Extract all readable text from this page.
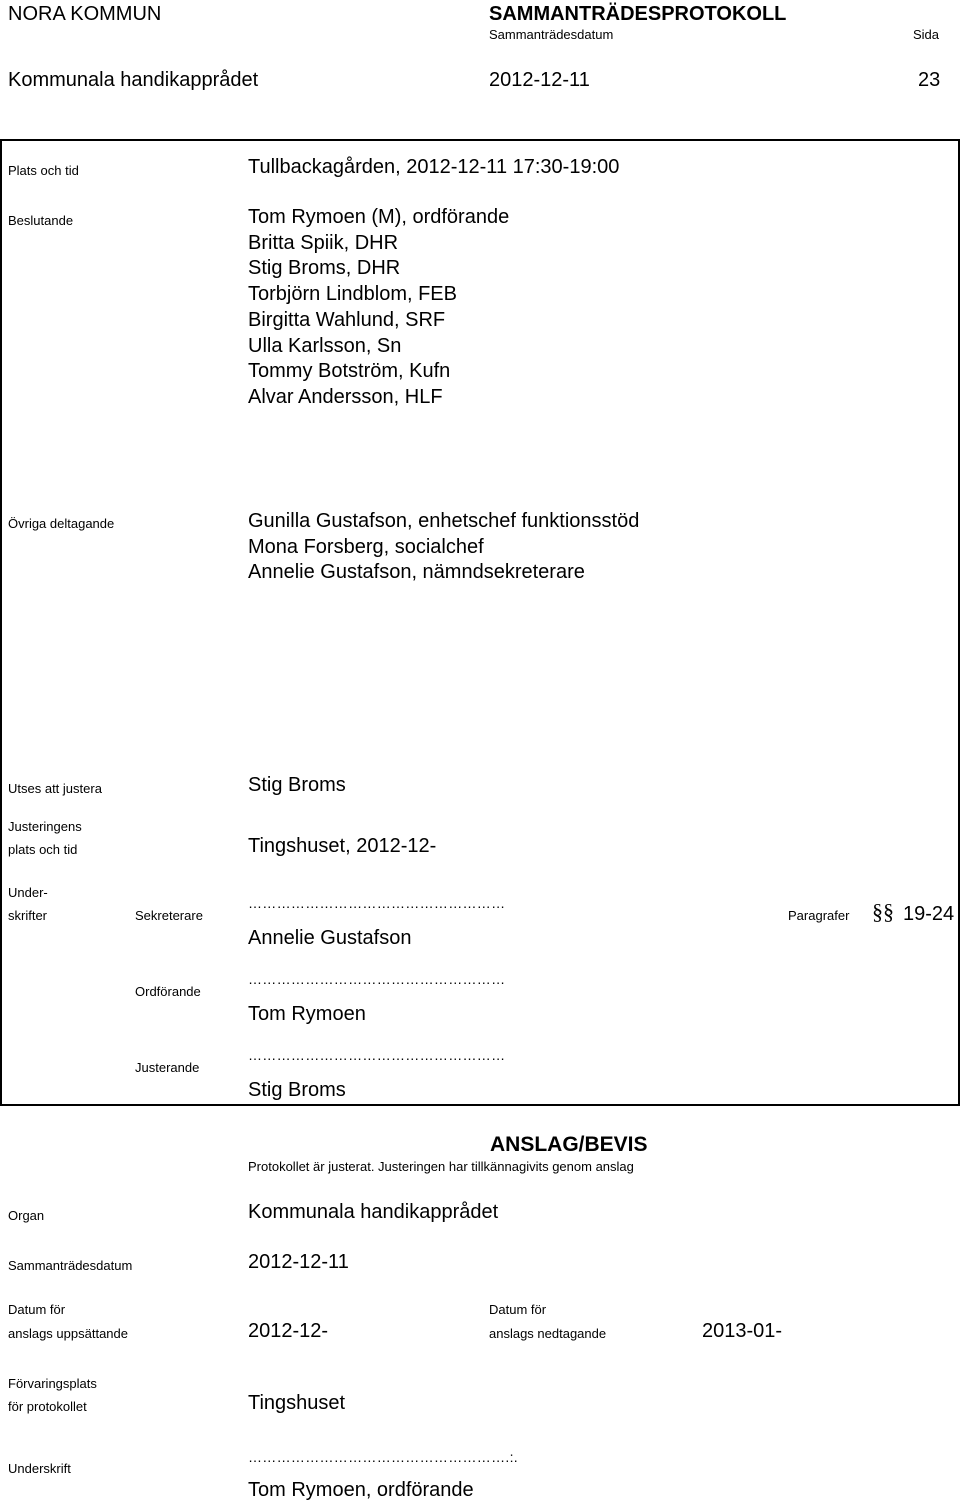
NORA KOMMUN	SAMMANTRÄDESPROTOKOLL
Sammanträdesdatum	Sida
Kommunala handikapprådet	2012-12-11	23
Plats och tid	Tullbackagården, 2012-12-11 17:30-19:00
Beslutande	Tom Rymoen (M), ordförande
Britta Spiik, DHR
Stig Broms, DHR
Torbjörn Lindblom, FEB
Birgitta Wahlund, SRF
Ulla Karlsson, Sn
Tommy Botström, Kufn
Alvar Andersson, HLF
Övriga deltagande	Gunilla Gustafson, enhetschef funktionsstöd
Mona Forsberg, socialchef
Annelie Gustafson, nämndsekreterare
Utses att justera	Stig Broms
Justeringens
plats och tid	Tingshuset, 2012-12-
Under-
skrifter	Sekreterare
………………………………………………
Annelie Gustafson
Paragrafer §§ 19-24
Ordförande
………………………………………………
Tom Rymoen
Justerande
………………………………………………
Stig Broms
ANSLAG/BEVIS
Protokollet är justerat. Justeringen har tillkännagivits genom anslag
Organ	Kommunala handikapprådet
Sammanträdesdatum	2012-12-11
Datum för
anslags uppsättande	2012-12-
Datum för
anslags nedtagande	2013-01-
Förvaringsplats
för protokollet	Tingshuset
Underskrift
……………………………………………….:.
Tom Rymoen, ordförande
